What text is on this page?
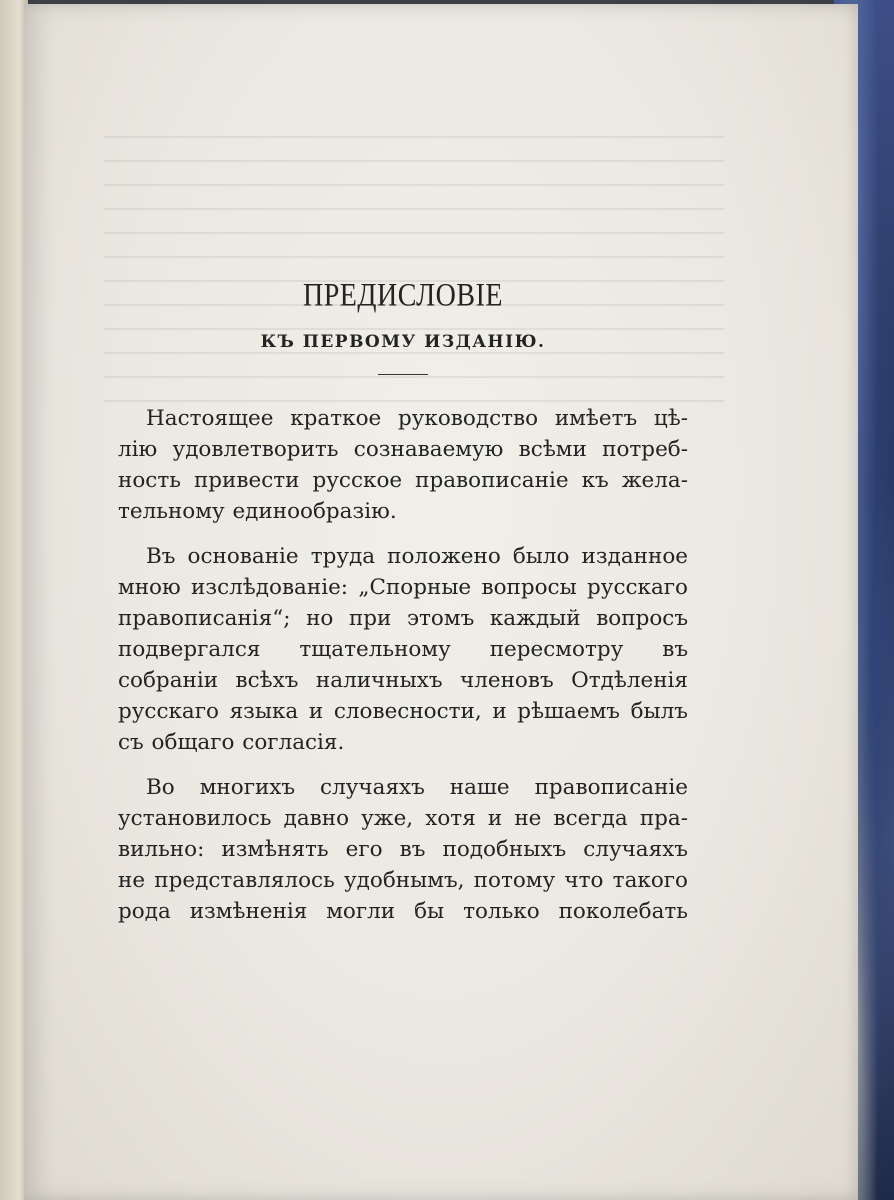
ПРЕДИСЛОВІЕ
КЪ ПЕРВОМУ ИЗДАНІЮ.

Настоящее краткое руководство имѣетъ цѣ-
лію удовлетворить сознаваемую всѣми потреб-
ность привести русское правописаніе къ жела-
тельному единообразію.

Въ основаніе труда положено было изданное
мною изслѣдованіе: „Спорные вопросы русскаго
правописанія“; но при этомъ каждый вопросъ
подвергался тщательному пересмотру въ
собраніи всѣхъ наличныхъ членовъ Отдѣленія
русскаго языка и словесности, и рѣшаемъ былъ
съ общаго согласія.

Во многихъ случаяхъ наше правописаніе
установилось давно уже, хотя и не всегда пра-
вильно: измѣнять его въ подобныхъ случаяхъ
не представлялось удобнымъ, потому что такого
рода измѣненія могли бы только поколебать
